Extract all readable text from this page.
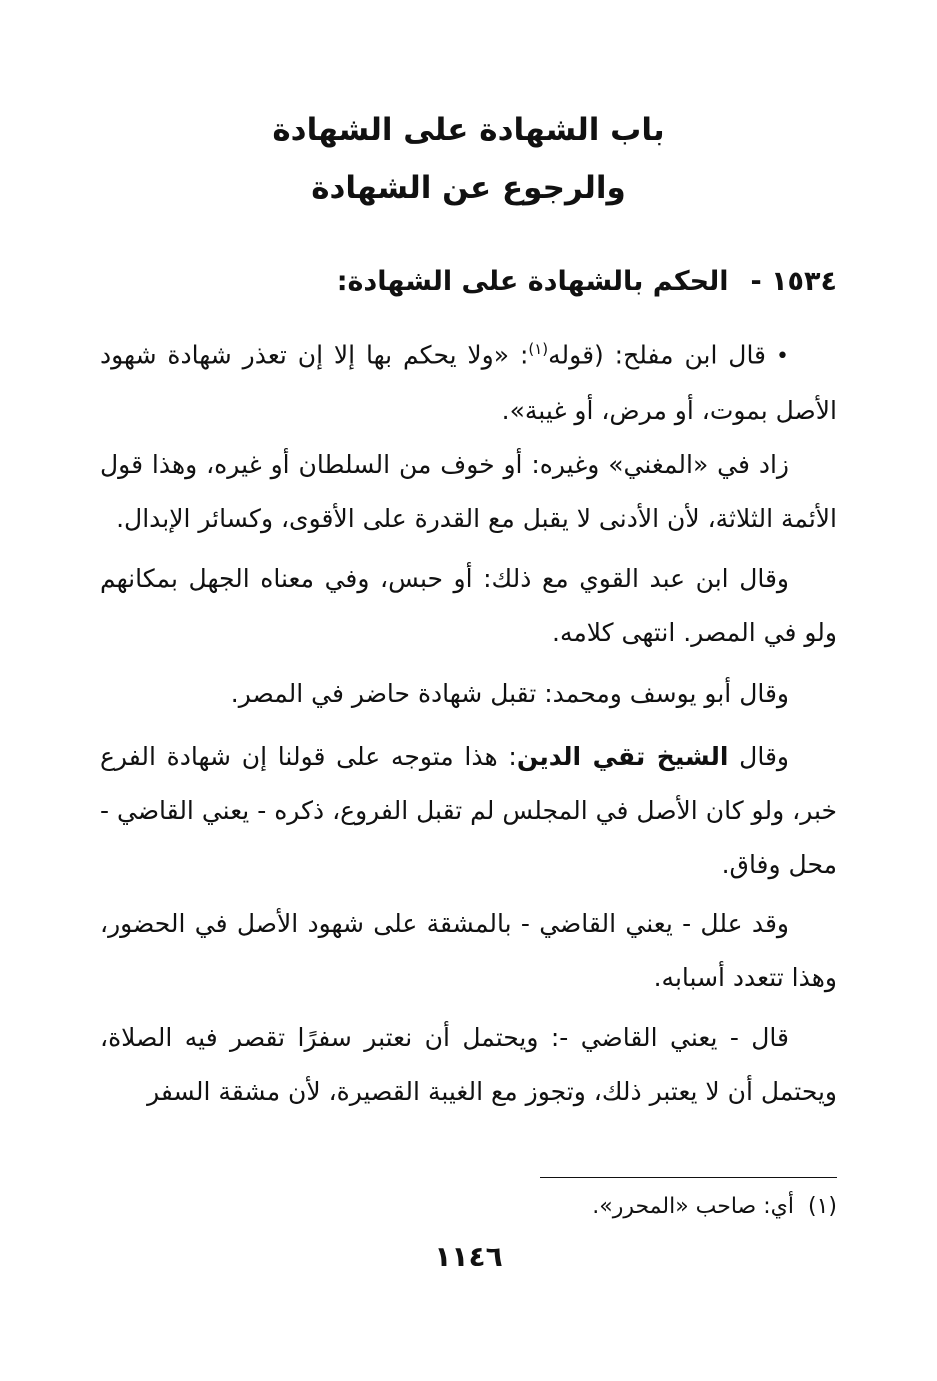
باب الشهادة على الشهادة
والرجوع عن الشهادة
١٥٣٤ -الحكم بالشهادة على الشهادة:
•قال ابن مفلح: (قوله$^{(١)}$: «ولا يحكم بها إلا إن تعذر شهادة شهود الأصل بموت، أو مرض، أو غيبة».
زاد في «المغني» وغيره: أو خوف من السلطان أو غيره، وهذا قول الأئمة الثلاثة، لأن الأدنى لا يقبل مع القدرة على الأقوى، وكسائر الإبدال.
وقال ابن عبد القوي مع ذلك: أو حبس، وفي معناه الجهل بمكانهم ولو في المصر. انتهى كلامه.
وقال أبو يوسف ومحمد: تقبل شهادة حاضر في المصر.
وقال الشيخ تقي الدين: هذا متوجه على قولنا إن شهادة الفرع خبر، ولو كان الأصل في المجلس لم تقبل الفروع، ذكره - يعني القاضي - محل وفاق.
وقد علل - يعني القاضي - بالمشقة على شهود الأصل في الحضور، وهذا تتعدد أسبابه.
قال - يعني القاضي -: ويحتمل أن نعتبر سفرًا تقصر فيه الصلاة، ويحتمل أن لا يعتبر ذلك، وتجوز مع الغيبة القصيرة، لأن مشقة السفر
(١)أي: صاحب «المحرر».
١١٤٦
